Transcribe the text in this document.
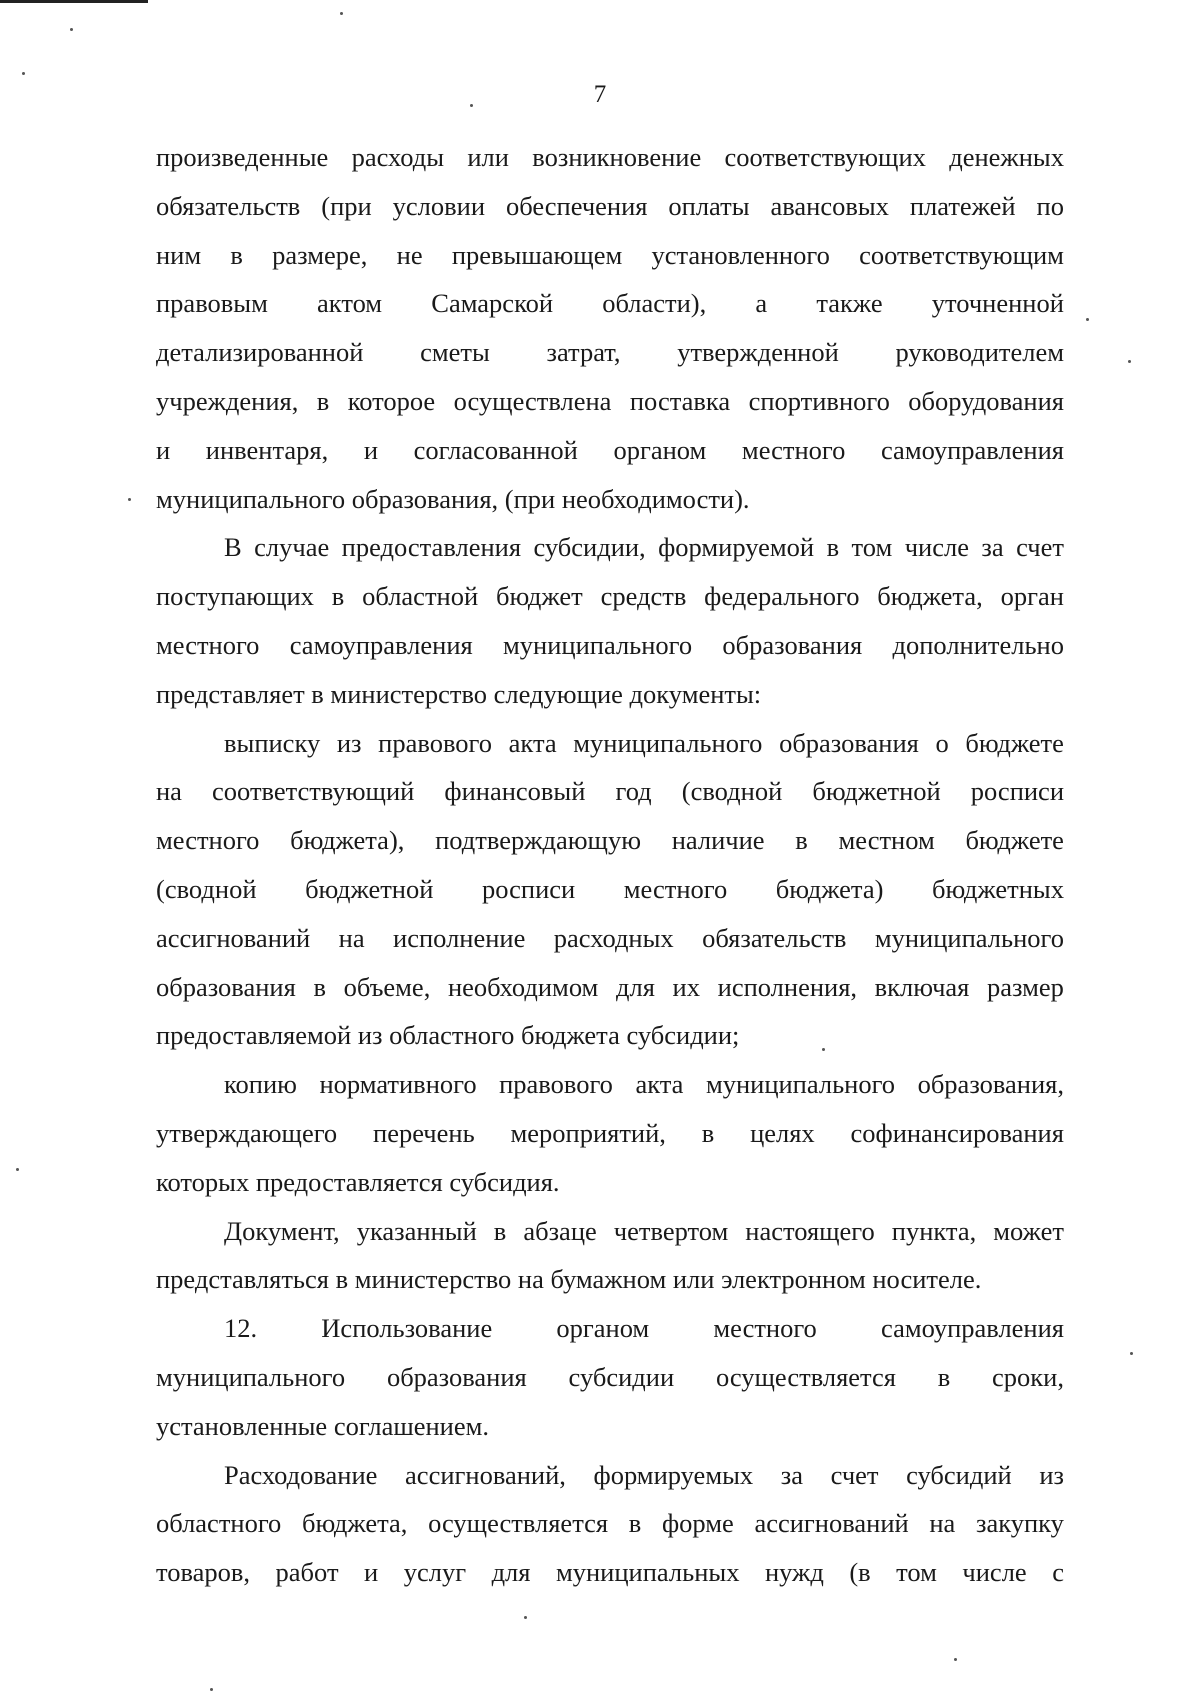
7
произведенные расходы или возникновение соответствующих денежных
обязательств (при условии обеспечения оплаты авансовых платежей по
ним в размере, не превышающем установленного соответствующим
правовым актом Самарской области), а также уточненной
детализированной сметы затрат, утвержденной руководителем
учреждения, в которое осуществлена поставка спортивного оборудования
и инвентаря, и согласованной органом местного самоуправления
муниципального образования, (при необходимости).
В случае предоставления субсидии, формируемой в том числе за счет
поступающих в областной бюджет средств федерального бюджета, орган
местного самоуправления муниципального образования дополнительно
представляет в министерство следующие документы:
выписку из правового акта муниципального образования о бюджете
на соответствующий финансовый год (сводной бюджетной росписи
местного бюджета), подтверждающую наличие в местном бюджете
(сводной бюджетной росписи местного бюджета) бюджетных
ассигнований на исполнение расходных обязательств муниципального
образования в объеме, необходимом для их исполнения, включая размер
предоставляемой из областного бюджета субсидии;
копию нормативного правового акта муниципального образования,
утверждающего перечень мероприятий, в целях софинансирования
которых предоставляется субсидия.
Документ, указанный в абзаце четвертом настоящего пункта, может
представляться в министерство на бумажном или электронном носителе.
12. Использование органом местного самоуправления
муниципального образования субсидии осуществляется в сроки,
установленные соглашением.
Расходование ассигнований, формируемых за счет субсидий из
областного бюджета, осуществляется в форме ассигнований на закупку
товаров, работ и услуг для муниципальных нужд (в том числе с
